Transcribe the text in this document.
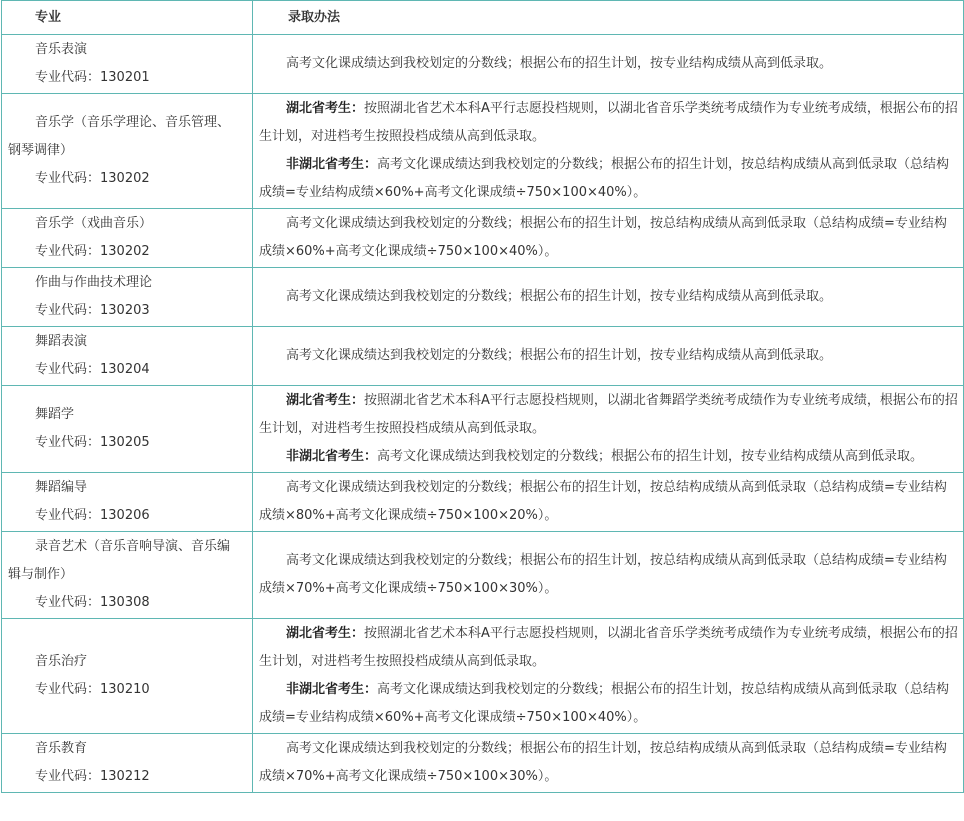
专业	录取办法

音乐表演
专业代码：130201	高考文化课成绩达到我校划定的分数线；根据公布的招生计划，按专业结构成绩从高到低录取。

音乐学（音乐学理论、音乐管理、
钢琴调律）
专业代码：130202	湖北省考生：按照湖北省艺术本科A平行志愿投档规则，以湖北省音乐学类统考成绩作为专业统考成绩，根据公布的招生计划，对进档考生按照投档成绩从高到低录取。
非湖北省考生：高考文化课成绩达到我校划定的分数线；根据公布的招生计划，按总结构成绩从高到低录取（总结构成绩=专业结构成绩×60%+高考文化课成绩÷750×100×40%）。

音乐学（戏曲音乐）
专业代码：130202	高考文化课成绩达到我校划定的分数线；根据公布的招生计划，按总结构成绩从高到低录取（总结构成绩=专业结构成绩×60%+高考文化课成绩÷750×100×40%）。

作曲与作曲技术理论
专业代码：130203	高考文化课成绩达到我校划定的分数线；根据公布的招生计划，按专业结构成绩从高到低录取。

舞蹈表演
专业代码：130204	高考文化课成绩达到我校划定的分数线；根据公布的招生计划，按专业结构成绩从高到低录取。

舞蹈学
专业代码：130205	湖北省考生：按照湖北省艺术本科A平行志愿投档规则，以湖北省舞蹈学类统考成绩作为专业统考成绩，根据公布的招生计划，对进档考生按照投档成绩从高到低录取。
非湖北省考生：高考文化课成绩达到我校划定的分数线；根据公布的招生计划，按专业结构成绩从高到低录取。

舞蹈编导
专业代码：130206	高考文化课成绩达到我校划定的分数线；根据公布的招生计划，按总结构成绩从高到低录取（总结构成绩=专业结构成绩×80%+高考文化课成绩÷750×100×20%）。

录音艺术（音乐音响导演、音乐编
辑与制作）
专业代码：130308	高考文化课成绩达到我校划定的分数线；根据公布的招生计划，按总结构成绩从高到低录取（总结构成绩=专业结构成绩×70%+高考文化课成绩÷750×100×30%）。

音乐治疗
专业代码：130210	湖北省考生：按照湖北省艺术本科A平行志愿投档规则，以湖北省音乐学类统考成绩作为专业统考成绩，根据公布的招生计划，对进档考生按照投档成绩从高到低录取。
非湖北省考生：高考文化课成绩达到我校划定的分数线；根据公布的招生计划，按总结构成绩从高到低录取（总结构成绩=专业结构成绩×60%+高考文化课成绩÷750×100×40%）。

音乐教育
专业代码：130212	高考文化课成绩达到我校划定的分数线；根据公布的招生计划，按总结构成绩从高到低录取（总结构成绩=专业结构成绩×70%+高考文化课成绩÷750×100×30%）。
